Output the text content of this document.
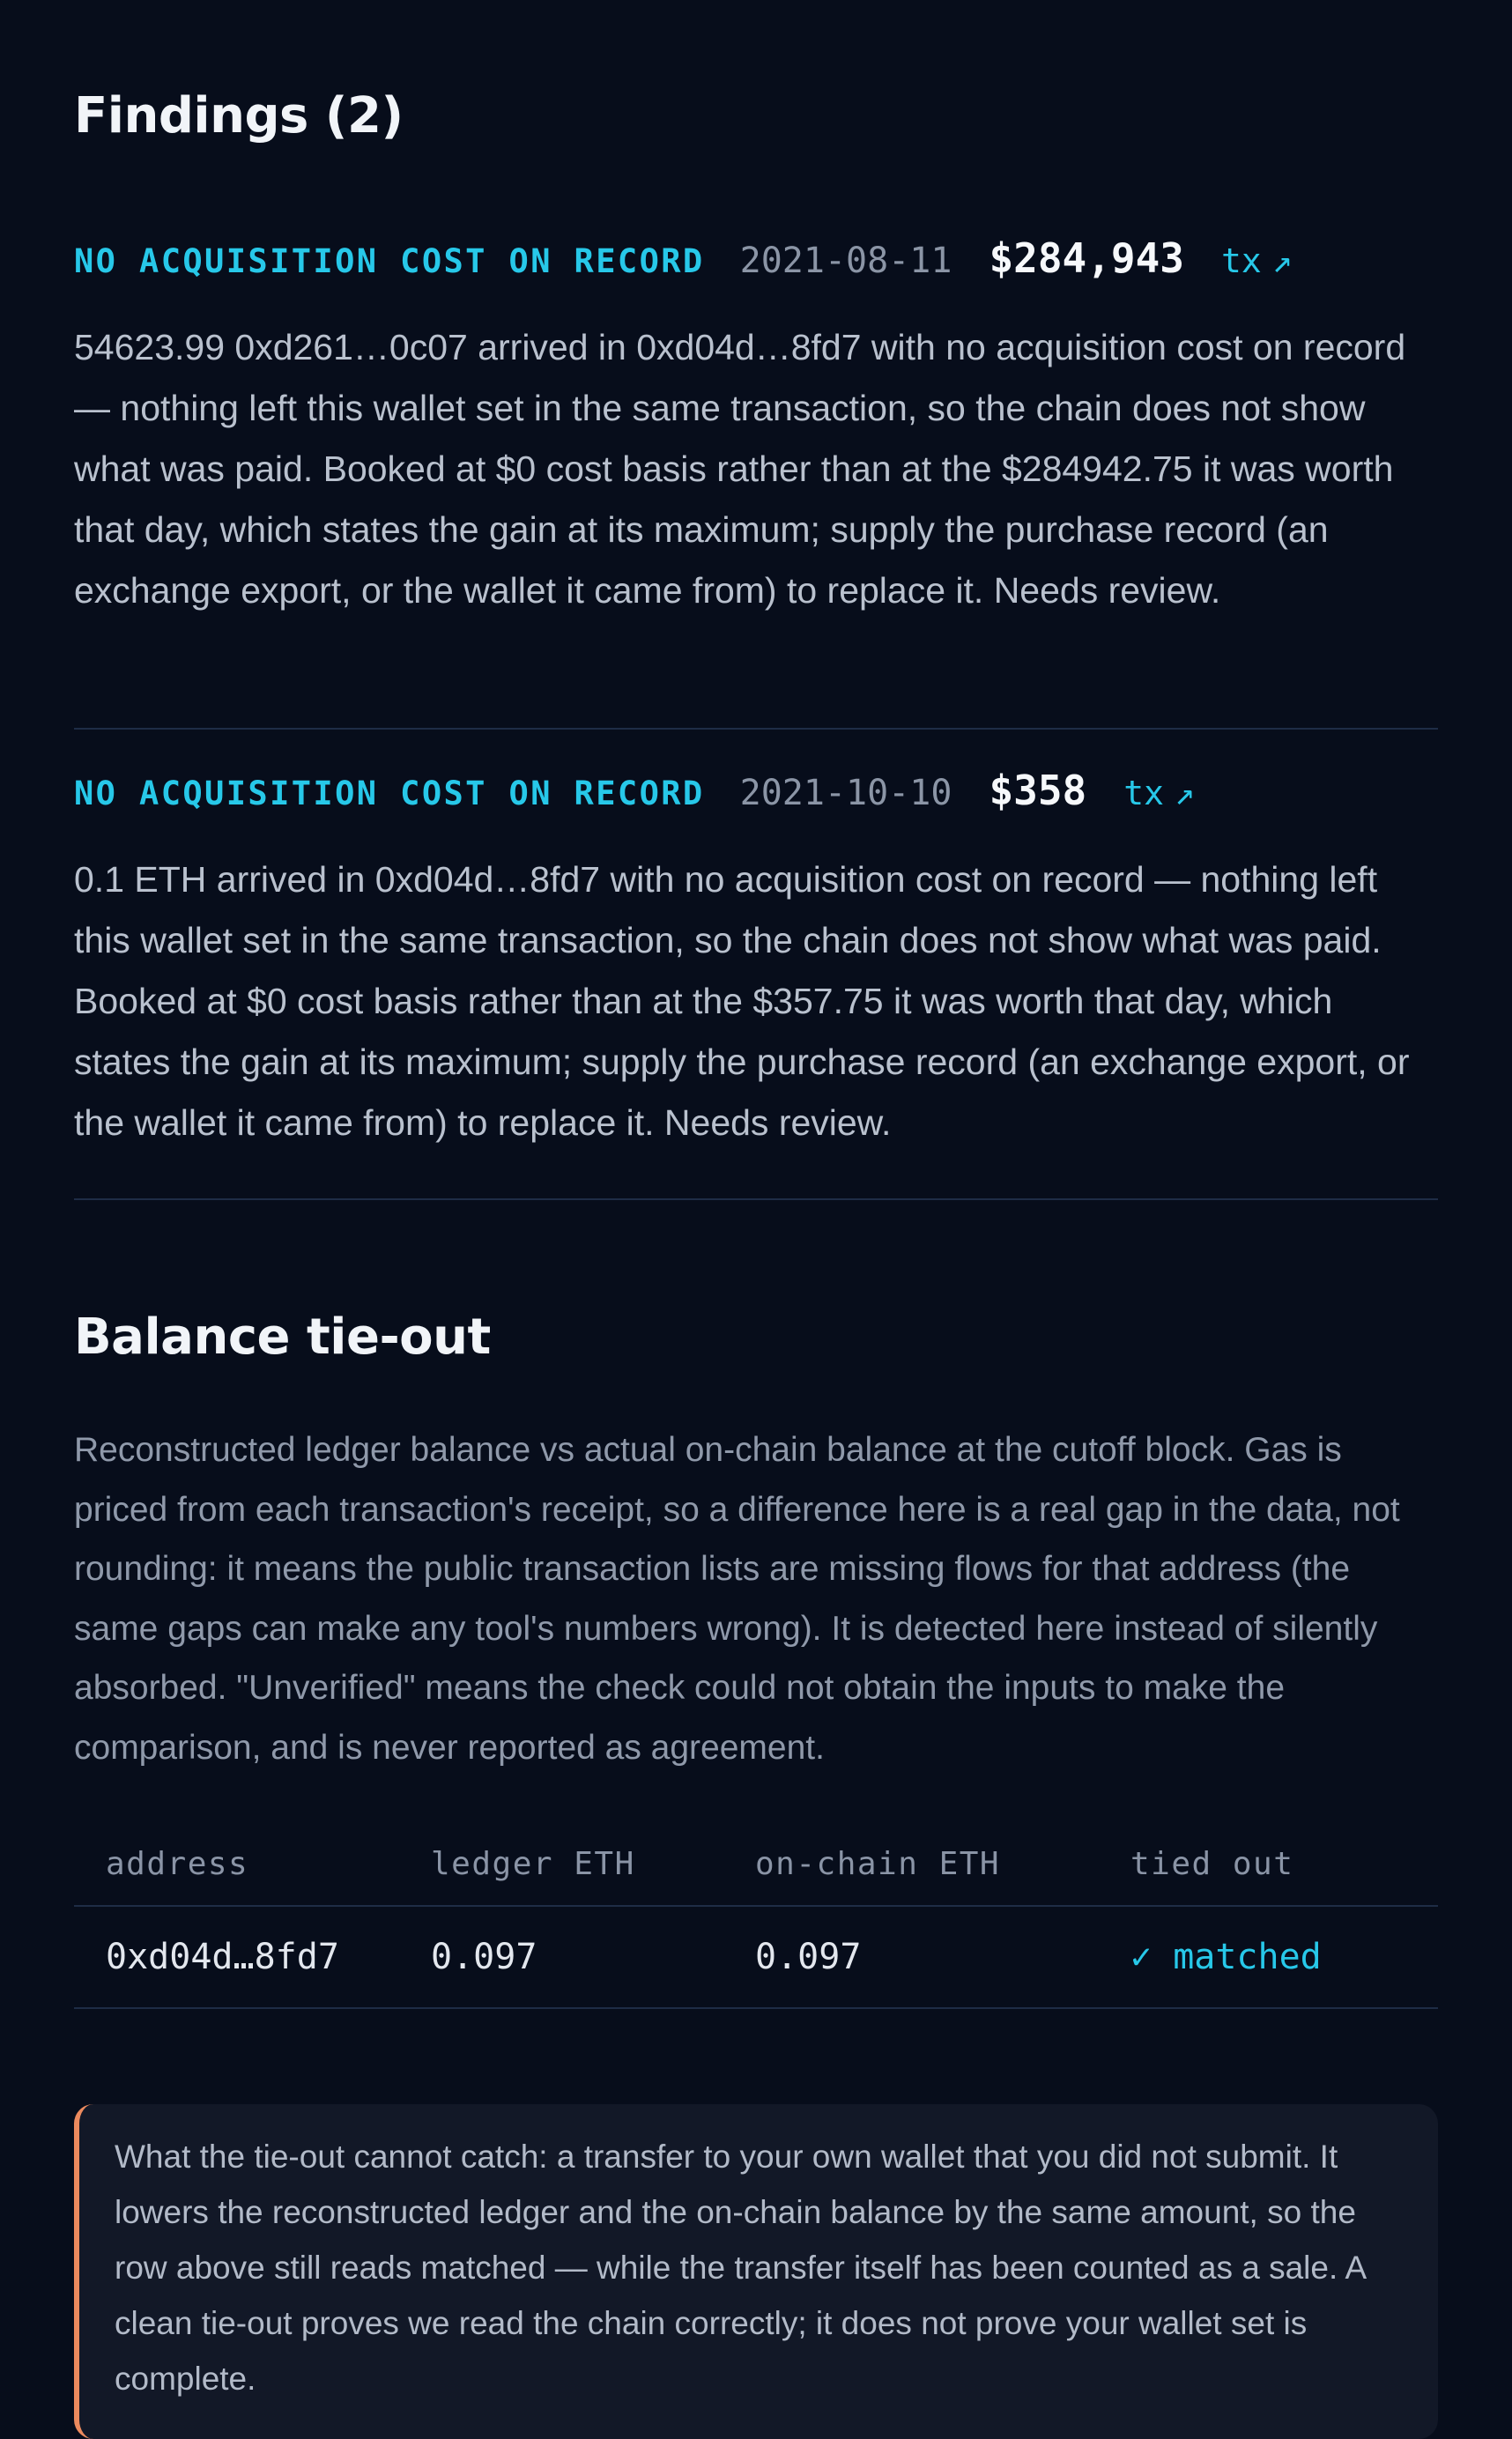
Findings (2)
NO ACQUISITION COST ON RECORD 2021-08-11 $284,943 tx ↗

54623.99 0xd261…0c07 arrived in 0xd04d…8fd7 with no acquisition cost on record — nothing left this wallet set in the same transaction, so the chain does not show what was paid. Booked at $0 cost basis rather than at the $284942.75 it was worth that day, which states the gain at its maximum; supply the purchase record (an exchange export, or the wallet it came from) to replace it. Needs review.

NO ACQUISITION COST ON RECORD 2021-10-10 $358 tx ↗

0.1 ETH arrived in 0xd04d…8fd7 with no acquisition cost on record — nothing left this wallet set in the same transaction, so the chain does not show what was paid. Booked at $0 cost basis rather than at the $357.75 it was worth that day, which states the gain at its maximum; supply the purchase record (an exchange export, or the wallet it came from) to replace it. Needs review.

Balance tie-out

Reconstructed ledger balance vs actual on-chain balance at the cutoff block. Gas is priced from each transaction's receipt, so a difference here is a real gap in the data, not rounding: it means the public transaction lists are missing flows for that address (the same gaps can make any tool's numbers wrong). It is detected here instead of silently absorbed. "Unverified" means the check could not obtain the inputs to make the comparison, and is never reported as agreement.

address	ledger ETH	on-chain ETH	tied out
0xd04d…8fd7	0.097	0.097	✓ matched

What the tie-out cannot catch: a transfer to your own wallet that you did not submit. It lowers the reconstructed ledger and the on-chain balance by the same amount, so the row above still reads matched — while the transfer itself has been counted as a sale. A clean tie-out proves we read the chain correctly; it does not prove your wallet set is complete.
